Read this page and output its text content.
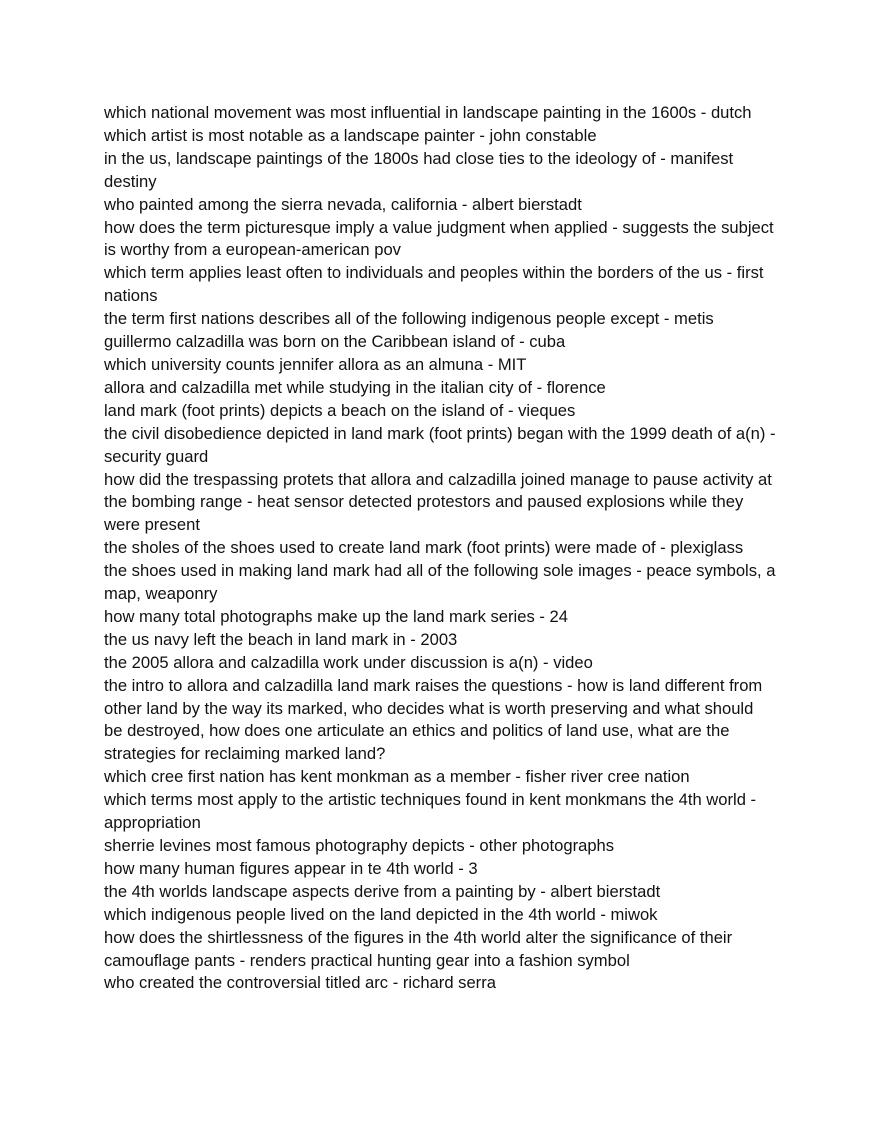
which national movement was most influential in landscape painting in the 1600s - dutch

which artist is most notable as a landscape painter - john constable

in the us, landscape paintings of the 1800s had close ties to the ideology of - manifest destiny

who painted among the sierra nevada, california - albert bierstadt

how does the term picturesque imply a value judgment when applied - suggests the subject is worthy from a european-american pov

which term applies least often to individuals and peoples within the borders of the us - first nations

the term first nations describes all of the following indigenous people except - metis

guillermo calzadilla was born on the Caribbean island of - cuba

which university counts jennifer allora as an almuna - MIT

allora and calzadilla met while studying in the italian city of - florence

land mark (foot prints) depicts a beach on the island of - vieques

the civil disobedience depicted in land mark (foot prints) began with the 1999 death of a(n) - security guard

how did the trespassing protets that allora and calzadilla joined manage to pause activity at the bombing range - heat sensor detected protestors and paused explosions while they were present

the sholes of the shoes used to create land mark (foot prints) were made of - plexiglass

the shoes used in making land mark had all of the following sole images - peace symbols, a map, weaponry

how many total photographs make up the land mark series - 24

the us navy left the beach in land mark in - 2003

the 2005 allora and calzadilla work under discussion is a(n) - video

the intro to allora and calzadilla land mark raises the questions - how is land different from other land by the way its marked, who decides what is worth preserving and what should be destroyed, how does one articulate an ethics and politics of land use, what are the strategies for reclaiming marked land?

which cree first nation has kent monkman as a member - fisher river cree nation

which terms most apply to the artistic techniques found in kent monkmans the 4th world - appropriation

sherrie levines most famous photography depicts - other photographs

how many human figures appear in te 4th world - 3

the 4th worlds landscape aspects derive from a painting by - albert bierstadt

which indigenous people lived on the land depicted in the 4th world - miwok

how does the shirtlessness of the figures in the 4th world alter the significance of their camouflage pants - renders practical hunting gear into a fashion symbol

who created the controversial titled arc - richard serra
